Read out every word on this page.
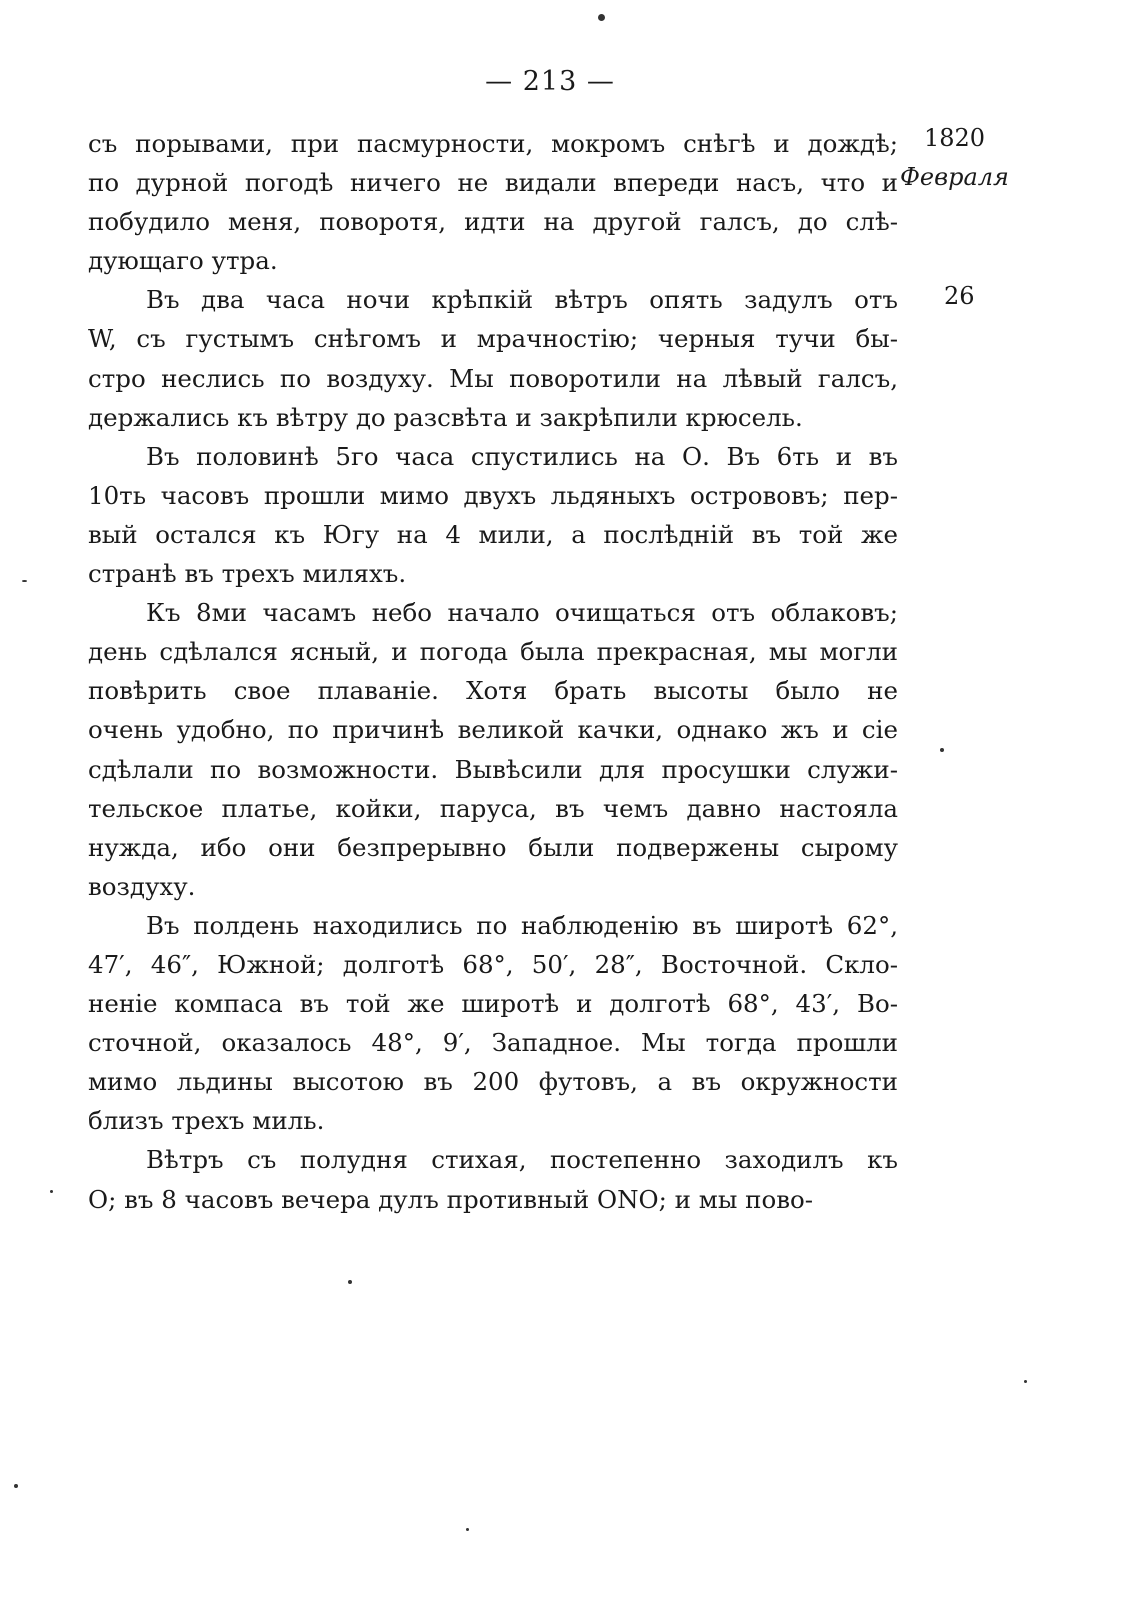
— 213 —
1820
Февраля
26
съ порывами, при пасмурности, мокромъ снѣгѣ и дождѣ;
по дурной погодѣ ничего не видали впереди насъ, что и
побудило меня, поворотя, идти на другой галсъ, до слѣ-
дующаго утра.
Въ два часа ночи крѣпкій вѣтръ опять задулъ отъ
W, съ густымъ снѣгомъ и мрачностію; черныя тучи бы-
стро неслись по воздуху. Мы поворотили на лѣвый галсъ,
держались къ вѣтру до разсвѣта и закрѣпили крюсель.
Въ половинѣ 5го часа спустились на О. Въ 6ть и въ
10ть часовъ прошли мимо двухъ льдяныхъ острововъ; пер-
вый остался къ Югу на 4 мили, а послѣдній въ той же
странѣ въ трехъ миляхъ.
Къ 8ми часамъ небо начало очищаться отъ облаковъ;
день сдѣлался ясный, и погода была прекрасная, мы могли
повѣрить свое плаваніе. Хотя брать высоты было не
очень удобно, по причинѣ великой качки, однако жъ и сіе
сдѣлали по возможности. Вывѣсили для просушки служи-
тельское платье, койки, паруса, въ чемъ давно настояла
нужда, ибо они безпрерывно были подвержены сырому
воздуху.
Въ полдень находились по наблюденію въ широтѣ 62°,
47′, 46″, Южной; долготѣ 68°, 50′, 28″, Восточной. Скло-
неніе компаса въ той же широтѣ и долготѣ 68°, 43′, Во-
сточной, оказалось 48°, 9′, Западное. Мы тогда прошли
мимо льдины высотою въ 200 футовъ, а въ окружности
близъ трехъ миль.
Вѣтръ съ полудня стихая, постепенно заходилъ къ
О; въ 8 часовъ вечера дулъ противный ONO; и мы пово-
